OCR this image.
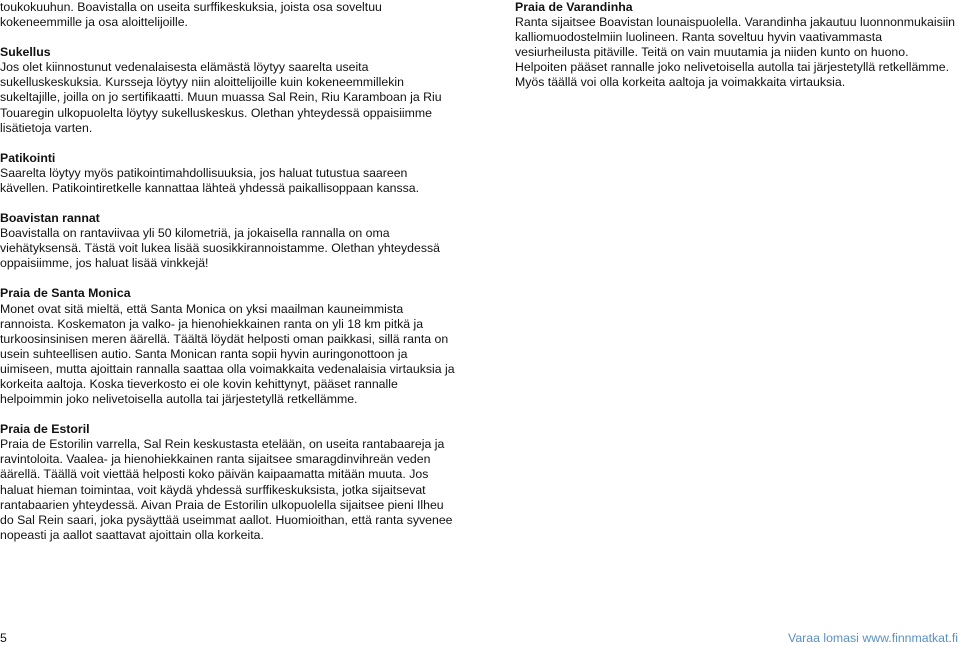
toukokuuhun. Boavistalla on useita surffikeskuksia, joista osa soveltuu kokeneemmille ja osa aloittelijoille.

Sukellus

Jos olet kiinnostunut vedenalaisesta elämästä löytyy saarelta useita sukelluskeskuksia. Kursseja löytyy niin aloittelijoille kuin kokeneemmillekin sukeltajille, joilla on jo sertifikaatti. Muun muassa Sal Rein, Riu Karamboan ja Riu Touaregin ulkopuolelta löytyy sukelluskeskus. Olethan yhteydessä oppaisiimme lisätietoja varten.

Patikointi

Saarelta löytyy myös patikointimahdollisuuksia, jos haluat tutustua saareen kävellen. Patikointiretkelle kannattaa lähteä yhdessä paikallisoppaan kanssa.

Boavistan rannat

Boavistalla on rantaviivaa yli 50 kilometriä, ja jokaisella rannalla on oma viehätyksensä. Tästä voit lukea lisää suosikkirannoistamme. Olethan yhteydessä oppaisiimme, jos haluat lisää vinkkejä!

Praia de Santa Monica

Monet ovat sitä mieltä, että Santa Monica on yksi maailman kauneimmista rannoista. Koskematon ja valko- ja hienohiekkainen ranta on yli 18 km pitkä ja turkoosinsinisen meren äärellä. Täältä löydät helposti oman paikkasi, sillä ranta on usein suhteellisen autio. Santa Monican ranta sopii hyvin auringonottoon ja uimiseen, mutta ajoittain rannalla saattaa olla voimakkaita vedenalaisia virtauksia ja korkeita aaltoja. Koska tieverkosto ei ole kovin kehittynyt, pääset rannalle helpoimmin joko nelivetoisella autolla tai järjestetyllä retkellämme.

Praia de Estoril

Praia de Estorilin varrella, Sal Rein keskustasta etelään, on useita rantabaareja ja ravintoloita. Vaalea- ja hienohiekkainen ranta sijaitsee smaragdinvihreän veden äärellä. Täällä voit viettää helposti koko päivän kaipaamatta mitään muuta. Jos haluat hieman toimintaa, voit käydä yhdessä surffikeskuksista, jotka sijaitsevat rantabaarien yhteydessä. Aivan Praia de Estorilin ulkopuolella sijaitsee pieni Ilheu do Sal Rein saari, joka pysäyttää useimmat aallot. Huomioithan, että ranta syvenee nopeasti ja aallot saattavat ajoittain olla korkeita.

Praia de Varandinha

Ranta sijaitsee Boavistan lounaispuolella. Varandinha jakautuu luonnonmukaisiin kalliomuodostelmiin luolineen. Ranta soveltuu hyvin vaativammasta vesiurheilusta pitäville. Teitä on vain muutamia ja niiden kunto on huono. Helpoiten pääset rannalle joko nelivetoisella autolla tai järjestetyllä retkellämme. Myös täällä voi olla korkeita aaltoja ja voimakkaita virtauksia.

5	Varaa lomasi www.finnmatkat.fi
